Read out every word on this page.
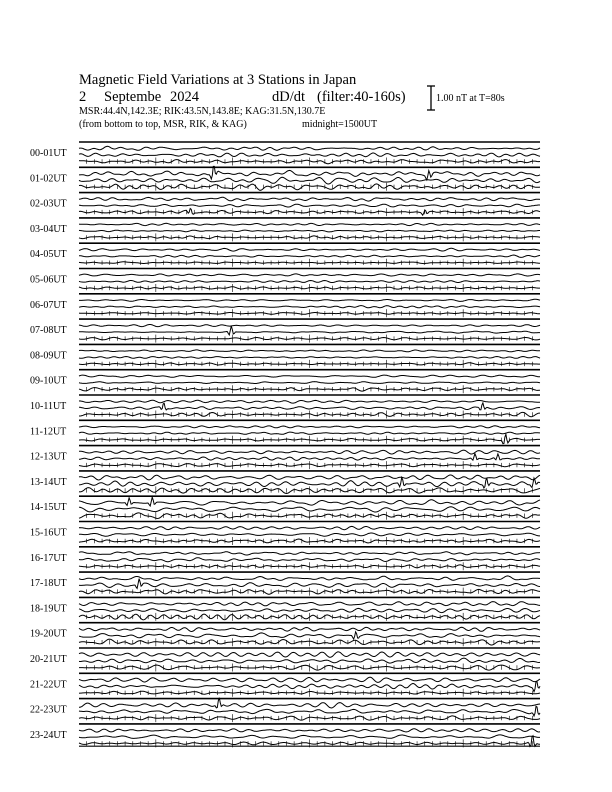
Magnetic Field Variations at 3 Stations in Japan
2 Septembe 2024	dD/dt (filter:40-160s)
MSR:44.4N,142.3E; RIK:43.5N,143.8E; KAG:31.5N,130.7E
(from bottom to top, MSR, RIK, & KAG)	midnight=1500UT
1.00 nT at T=80s
00-01UT
01-02UT
02-03UT
03-04UT
04-05UT
05-06UT
06-07UT
07-08UT
08-09UT
09-10UT
10-11UT
11-12UT
12-13UT
13-14UT
14-15UT
15-16UT
16-17UT
17-18UT
18-19UT
19-20UT
20-21UT
21-22UT
22-23UT
23-24UT
